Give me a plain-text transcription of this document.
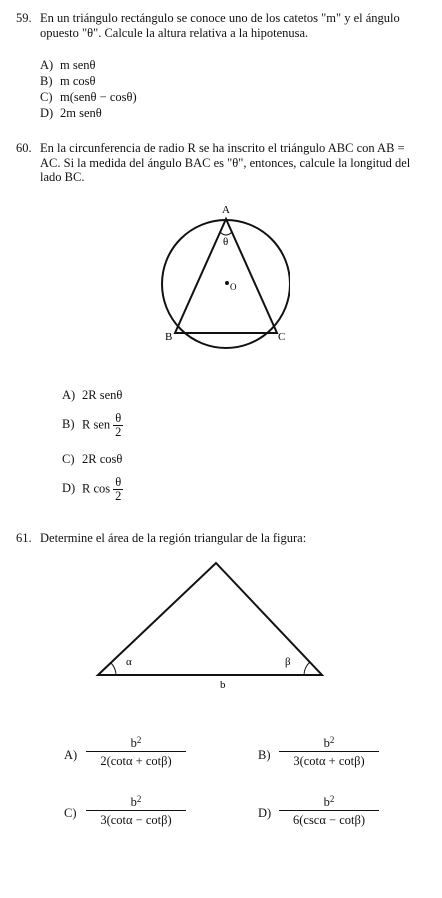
59. En un triángulo rectángulo se conoce uno de los catetos "m" y el ángulo opuesto "θ". Calcule la altura relativa a la hipotenusa.
A) m senθ
B) m cosθ
C) m(senθ − cosθ)
D) 2m senθ
60. En la circunferencia de radio R se ha inscrito el triángulo ABC con AB = AC. Si la medida del ángulo BAC es "θ", entonces, calcule la longitud del lado BC.
A
θ
O
B	C
A) 2R senθ
B) R sen $\frac{\theta}{2}$
C) 2R cosθ
D) R $\cos \frac{\theta}{2}$
61. Determine el área de la región triangular de la figura:
α	β
b
$A) \frac{b^2}{2(\cot\alpha + \cot\beta)}$	$B) \frac{b^2}{3(\cot\alpha + \cot\beta)}$
$C) \frac{b^2}{3(\cot\alpha - \cot\beta)}$	D)
$b^2$
6(cscα − cotβ)
